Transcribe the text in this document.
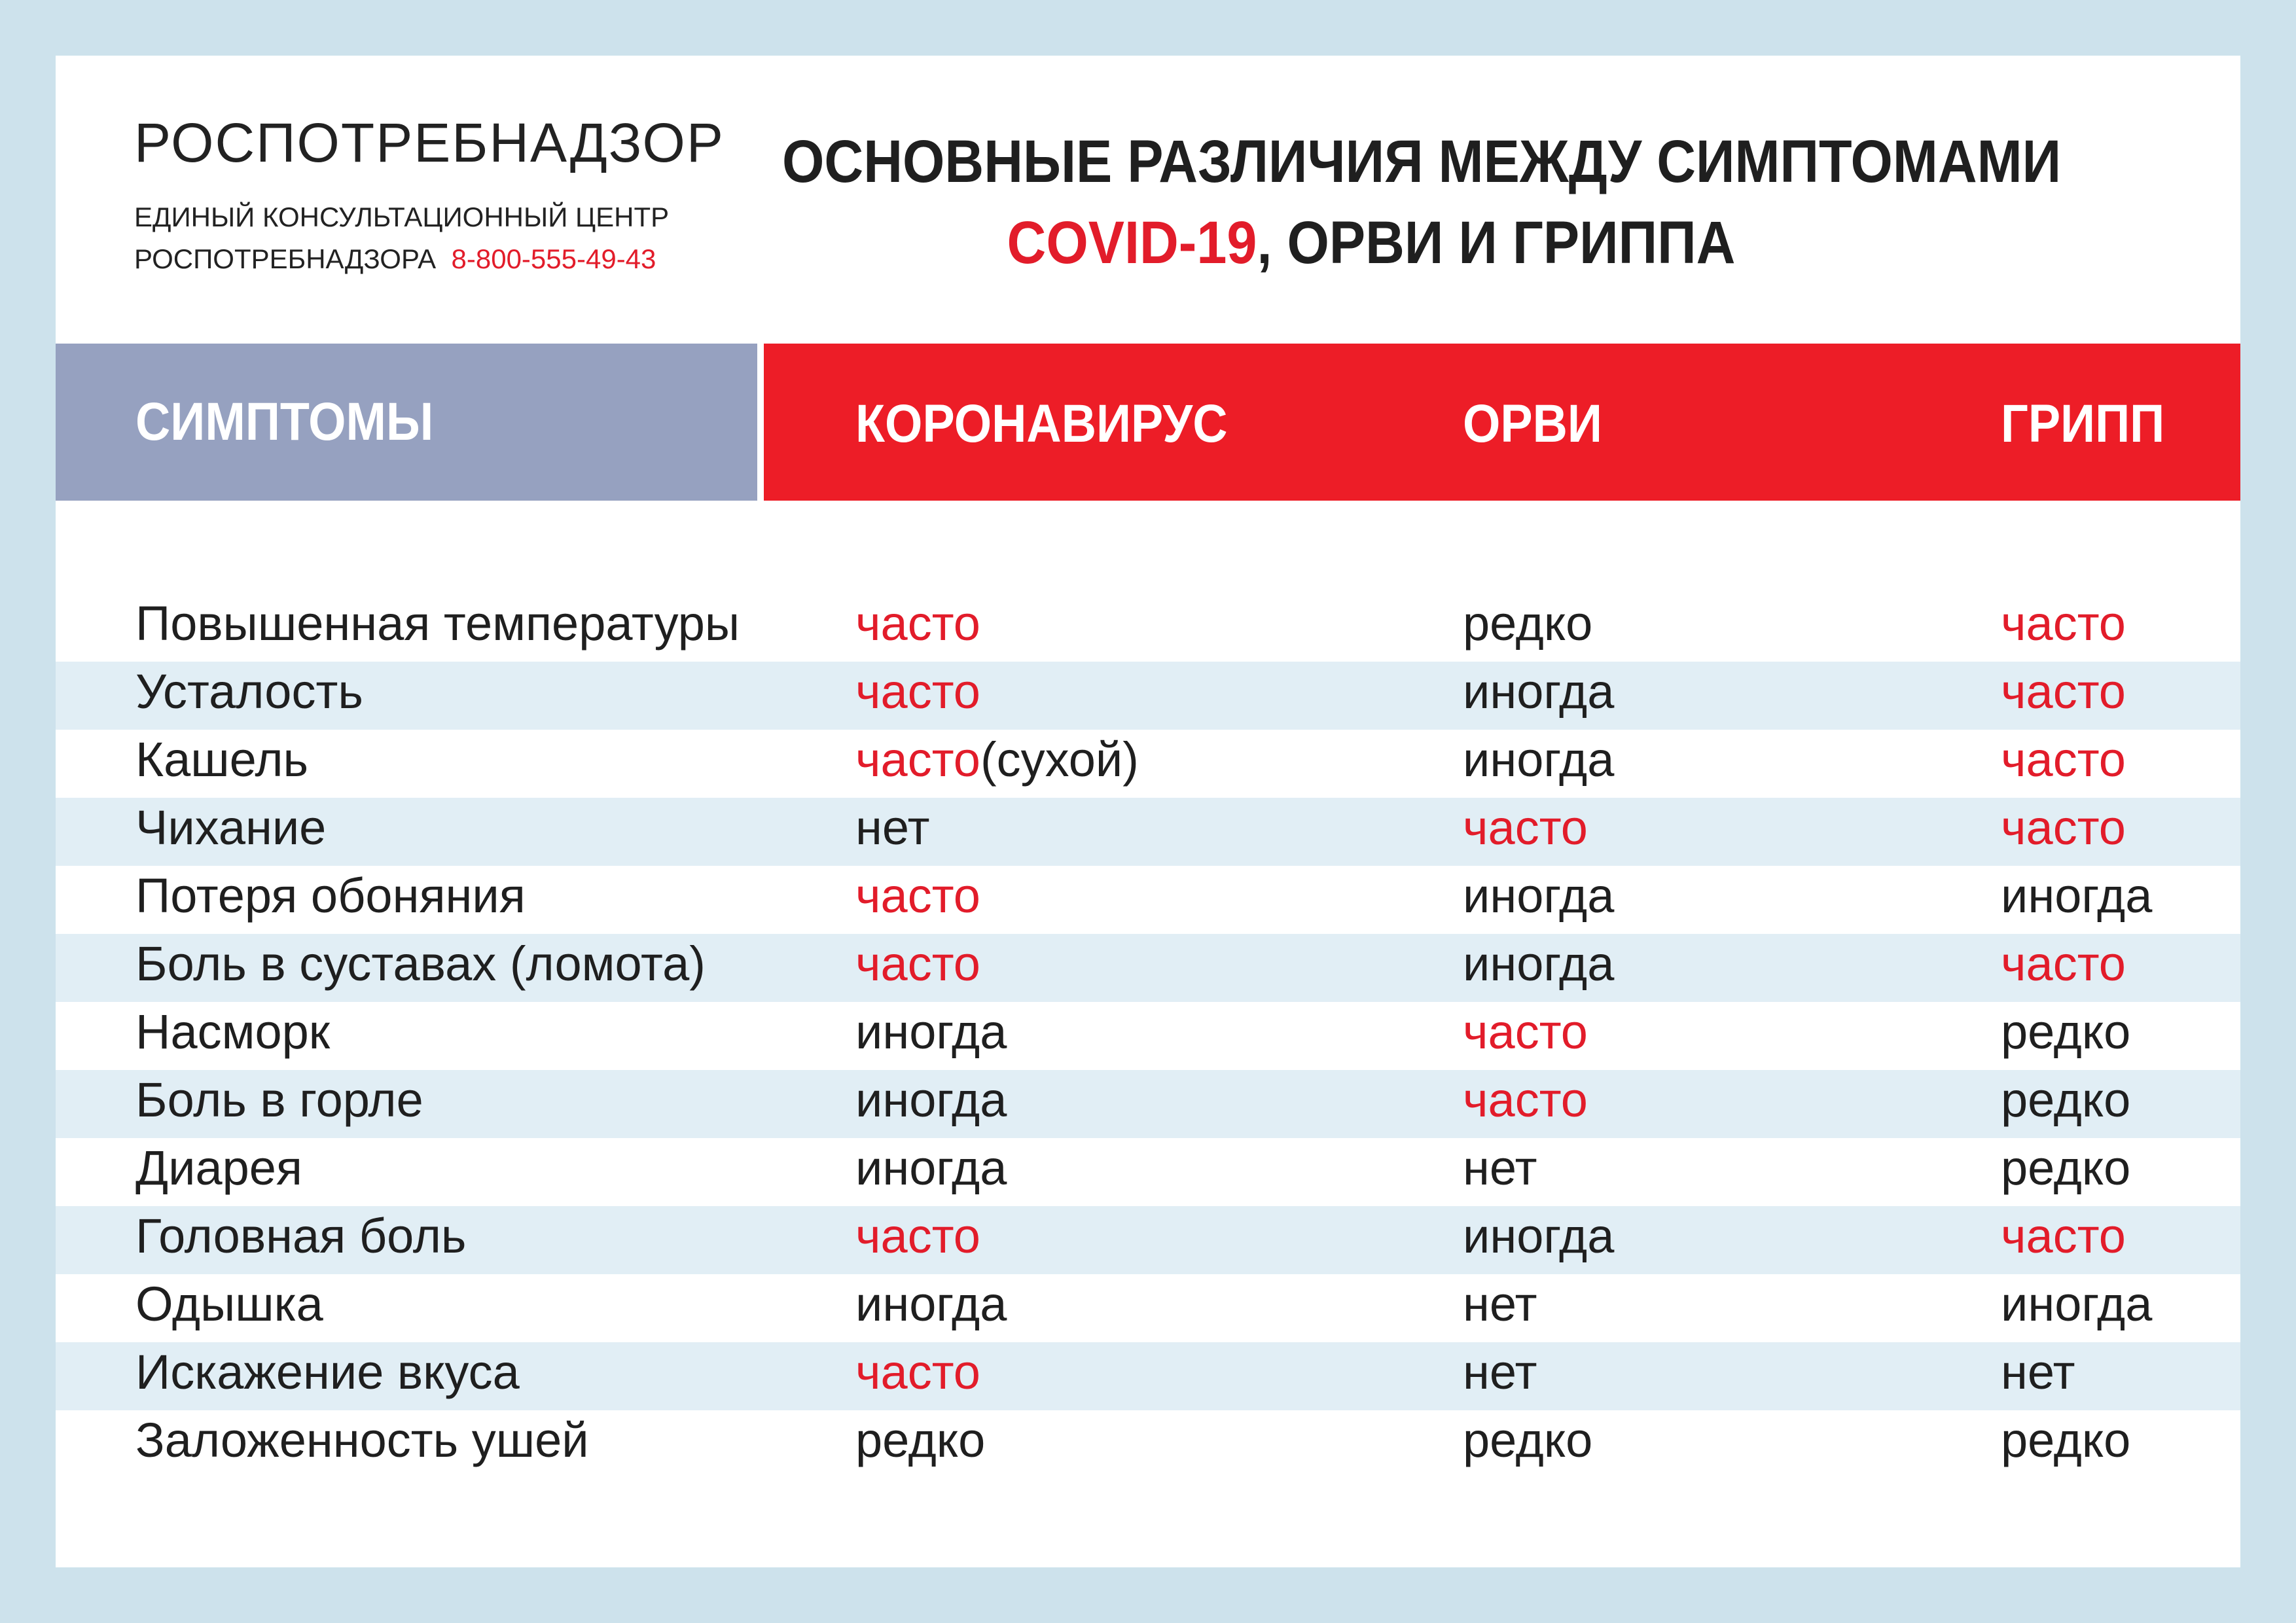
РОСПОТРЕБНАДЗОР
ЕДИНЫЙ КОНСУЛЬТАЦИОННЫЙ ЦЕНТР
РОСПОТРЕБНАДЗОРА 8-800-555-49-43
ОСНОВНЫЕ РАЗЛИЧИЯ МЕЖДУ СИМПТОМАМИ
COVID-19, ОРВИ И ГРИППА
СИМПТОМЫ	КОРОНАВИРУС	ОРВИ	ГРИПП
Повышенная температуры	часто	редко	часто
Усталость	часто	иногда	часто
Кашель	часто(сухой)	иногда	часто
Чихание	нет	часто	часто
Потеря обоняния	часто	иногда	иногда
Боль в суставах (ломота)	часто	иногда	часто
Насморк	иногда	часто	редко
Боль в горле	иногда	часто	редко
Диарея	иногда	нет	редко
Головная боль	часто	иногда	часто
Одышка	иногда	нет	иногда
Искажение вкуса	часто	нет	нет
Заложенность ушей	редко	редко	редко
